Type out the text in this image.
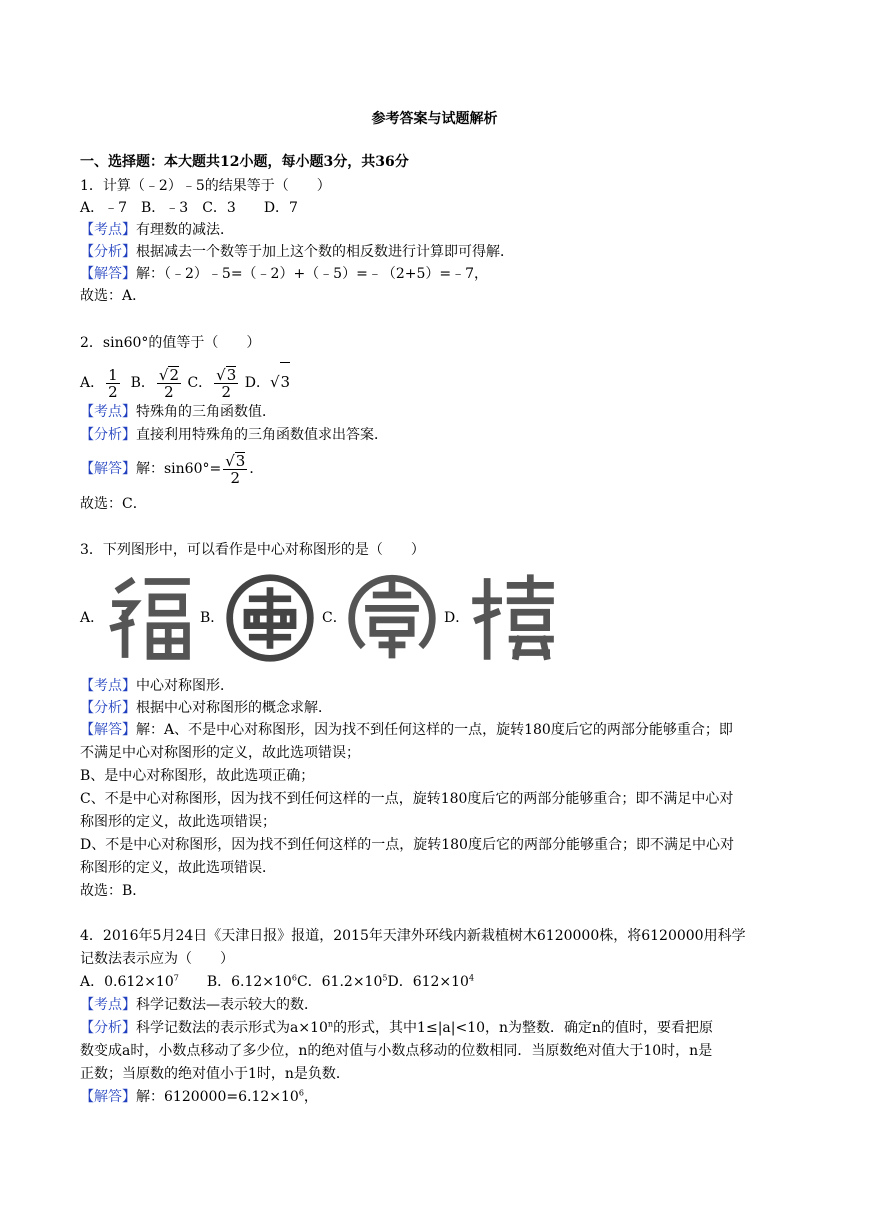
参考答案与试题解析
一、选择题：本大题共12小题，每小题3分，共36分
1．计算（﹣2）﹣5的结果等于（　　）
A．﹣7　B．﹣3　C．3　　D．7
【考点】有理数的减法．
【分析】根据减去一个数等于加上这个数的相反数进行计算即可得解．
【解答】解：（﹣2）﹣5=（﹣2）+（﹣5）=﹣（2+5）=﹣7，
故选：A．
2．sin60°的值等于（　　）
A． $\frac{1}{2}$ B． $\frac{√2}{2}$ C． $\frac{√3}{2}$ D．√3
【考点】特殊角的三角函数值．
【分析】直接利用特殊角的三角函数值求出答案．
【解答】解：$\sin 60^\circ= \frac{√3}{2}$ ．
故选：C．
3．下列图形中，可以看作是中心对称图形的是（　　）
A．	B．	C．	D．
【考点】中心对称图形．
【分析】根据中心对称图形的概念求解．
【解答】解：A、不是中心对称图形，因为找不到任何这样的一点，旋转180度后它的两部分能够重合；即
不满足中心对称图形的定义，故此选项错误；
B、是中心对称图形，故此选项正确；
C、不是中心对称图形，因为找不到任何这样的一点，旋转180度后它的两部分能够重合；即不满足中心对
称图形的定义，故此选项错误；
D、不是中心对称图形，因为找不到任何这样的一点，旋转180度后它的两部分能够重合；即不满足中心对
称图形的定义，故此选项错误．
故选：B．
4．2016年5月24日《天津日报》报道，2015年天津外环线内新栽植树木6120000株，将6120000用科学
记数法表示应为（　　）
A．$0.612\times 10^7$　　B．$6.12\times 10^6C$．$61.2\times 10^5D$．$612\times 10^4$
【考点】科学记数法—表示较大的数．
【分析】科学记数法的表示形式为$a\times 10^n$的形式，其中1≤|a|<10，n为整数．确定n的值时，要看把原
数变成a时，小数点移动了多少位，n的绝对值与小数点移动的位数相同．当原数绝对值大于10时，n是
正数；当原数的绝对值小于1时，n是负数．
【解答】解：$6120000=6.12\times 10^6$，
